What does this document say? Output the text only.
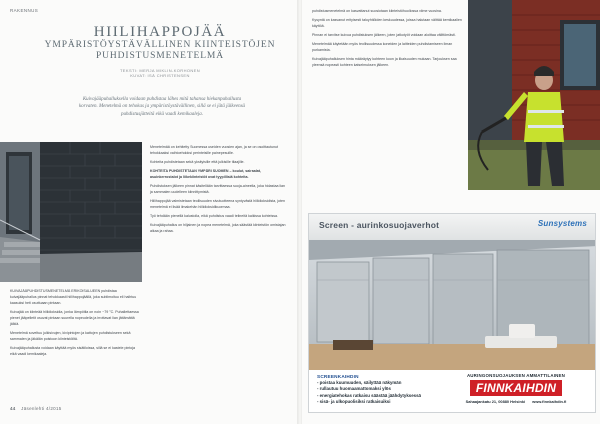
RAKENNUS
HIILIHAPPOJÄÄ
YMPÄRISTÖYSTÄVÄLLINEN KIINTEISTÖJEN
PUHDISTUSMENETELMÄ
TEKSTI: MERJA MIKLIN-KORHONEN
KUVAT: ISÄ CHRISTENSEN
Kuivajääpuhalluksella voidaan puhdistaa lähes mitä tahansa hiekanpuhallusta korvaten. Menetelmä on tehokas ja ympäristöystävällinen, sillä se ei jätä jälkeensä puhdistusjätteitä eikä vaadi kemikaaleja.

KUIVAJÄÄPUHDISTUSMENETELMÄ ERIKOISALUEEN puhdistaa kuivajääpuhallus pinnat tehokkaasti hiilihappojäällä, joka sublimoituu eli haihtuu kaasuksi heti osuttuaan pintaan.

Kuivajää on kiinteää hiilidioksidia, jonka lämpötila on noin −79 °C. Puhallettaessa pienet jääpelletit osuvat pintaan suurella nopeudella ja irrottavat lian jättämättä jälkiä.

Menetelmä soveltuu julkisivujen, kivipintojen ja kattojen puhdistukseen sekä sammalen ja jäkälän poistoon kiinteistöiltä.

Kuivajääpuhallusta voidaan käyttää myös sisätiloissa, sillä se ei kastele pintoja eikä vaadi kemikaaleja.

Menetelmää on kehitetty Suomessa useiden vuosien ajan, ja se on osoittautunut tehokkaaksi vaihtoehdoksi perinteisille painepesuille.

Kohteita puhdistetaan sekä yksityisille että julkisille tilaajille.

KOHTEITA PUHDISTETAAN YMPÄRI SUOMEN – koulut, sairaalat, asuinkerrostalot ja liikekiinteistöt ovat tyypillisiä kohteita.

Puhdistuksen jälkeen pinnat käsitellään tarvittaessa suoja-aineella, joka hidastaa lian ja sammalen uudelleen kiinnittymistä.

Hiilihappojää valmistetaan teollisuuden sivutuotteena syntyvästä hiilidioksidista, joten menetelmä ei lisää ilmakehän hiilidioksidikuormaa.

Työ tehdään pienellä kalustolla, eikä puhdistus vaadi telineitä kaikissa kohteissa.

Kuivajääpuhallus on hiljainen ja nopea menetelmä, joka säästää kiinteistön omistajan aikaa ja rahaa.

44 Jäsenlehti 4/2015

puhdistusmenetelmä on kasvattanut suosiotaan kiinteistöhuollossa viime vuosina.

Kysyntä on kasvanut erityisesti taloyhtiöiden keskuudessa, joissa halutaan välttää kemikaalien käyttöä.

Pinnan ei tarvitse kuivua puhdistuksen jälkeen, joten jatkotyöt voidaan aloittaa välittömästi.

Menetelmää käytetään myös teollisuudessa koneiden ja laitteiden puhdistamiseen ilman purkamista.

Kuivajääpuhalluksen hinta määräytyy kohteen koon ja likaisuuden mukaan. Tarjouksen saa yleensä nopeasti kohteen katselmuksen jälkeen.

Screen - aurinkosuojaverhot	Sunsystems
SCREENKAIHDIN
- poistaa kuumuuden, säilyttää näkymän
- rullautuu huomaamattomaksi ylös
- energiatehokas ratkaisu säästää jäähdytyksessä
- sisä- ja ulkopuolisiksi ratkaisuiksi
AURINGONSUOJAUKSEN AMMATTILAINEN
FINNKAIHDIN
Sahaajankatu 21, 00880 Helsinki www.finnkaihdin.fi
